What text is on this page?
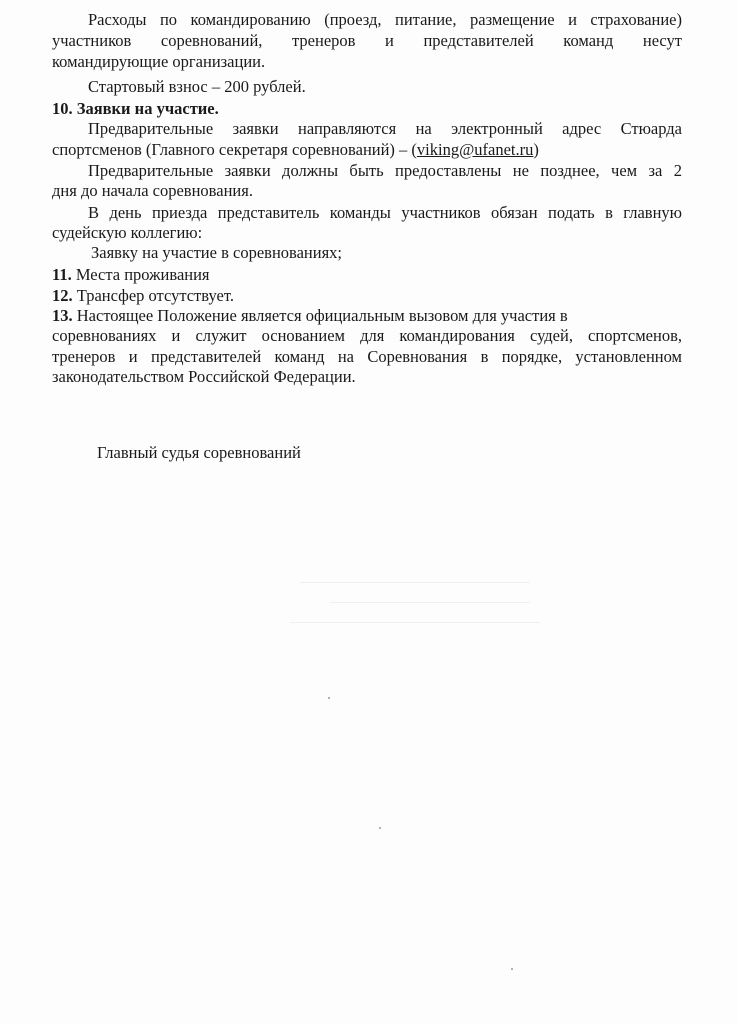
Расходы по командированию (проезд, питание, размещение и страхование)
участников соревнований, тренеров и представителей команд несут
командирующие организации.
Стартовый взнос – 200 рублей.
10. Заявки на участие.
Предварительные заявки направляются на электронный адрес Стюарда
спортсменов (Главного секретаря соревнований) – (viking@ufanet.ru)
Предварительные заявки должны быть предоставлены не позднее, чем за 2
дня до начала соревнования.
В день приезда представитель команды участников обязан подать в главную
судейскую коллегию:
Заявку на участие в соревнованиях;
11. Места проживания
12. Трансфер отсутствует.
13. Настоящее Положение является официальным вызовом для участия в
соревнованиях и служит основанием для командирования судей, спортсменов,
тренеров и представителей команд на Соревнования в порядке, установленном
законодательством Российской Федерации.
Главный судья соревнований
